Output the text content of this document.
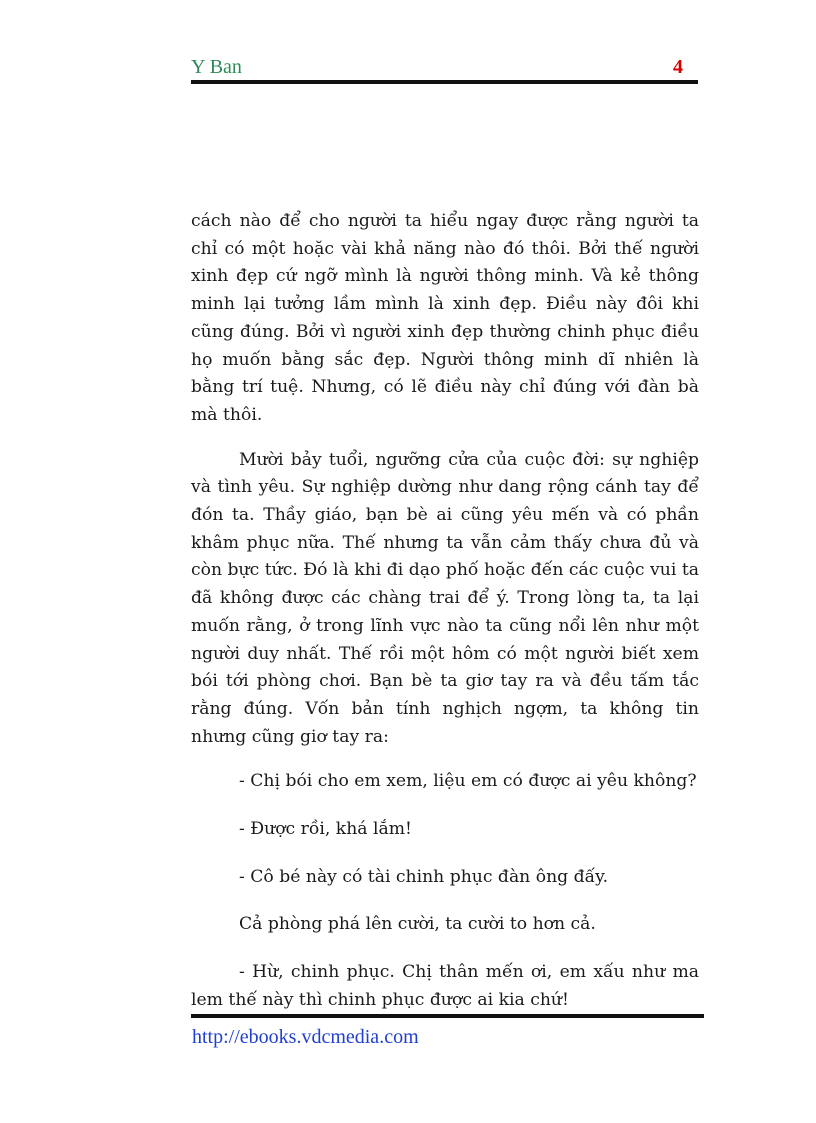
Y Ban	4

cách nào để cho người ta hiểu ngay được rằng người ta chỉ có một hoặc vài khả năng nào đó thôi. Bởi thế người xinh đẹp cứ ngỡ mình là người thông minh. Và kẻ thông minh lại tưởng lầm mình là xinh đẹp. Điều này đôi khi cũng đúng. Bởi vì người xinh đẹp thường chinh phục điều họ muốn bằng sắc đẹp. Người thông minh dĩ nhiên là bằng trí tuệ. Nhưng, có lẽ điều này chỉ đúng với đàn bà mà thôi.

Mười bảy tuổi, ngưỡng cửa của cuộc đời: sự nghiệp và tình yêu. Sự nghiệp dường như dang rộng cánh tay để đón ta. Thầy giáo, bạn bè ai cũng yêu mến và có phần khâm phục nữa. Thế nhưng ta vẫn cảm thấy chưa đủ và còn bực tức. Đó là khi đi dạo phố hoặc đến các cuộc vui ta đã không được các chàng trai để ý. Trong lòng ta, ta lại muốn rằng, ở trong lĩnh vực nào ta cũng nổi lên như một người duy nhất. Thế rồi một hôm có một người biết xem bói tới phòng chơi. Bạn bè ta giơ tay ra và đều tấm tắc rằng đúng. Vốn bản tính nghịch ngợm, ta không tin nhưng cũng giơ tay ra:

- Chị bói cho em xem, liệu em có được ai yêu không?

- Được rồi, khá lắm!

- Cô bé này có tài chinh phục đàn ông đấy.

Cả phòng phá lên cười, ta cười to hơn cả.

- Hừ, chinh phục. Chị thân mến ơi, em xấu như ma lem thế này thì chinh phục được ai kia chứ!

http://ebooks.vdcmedia.com
